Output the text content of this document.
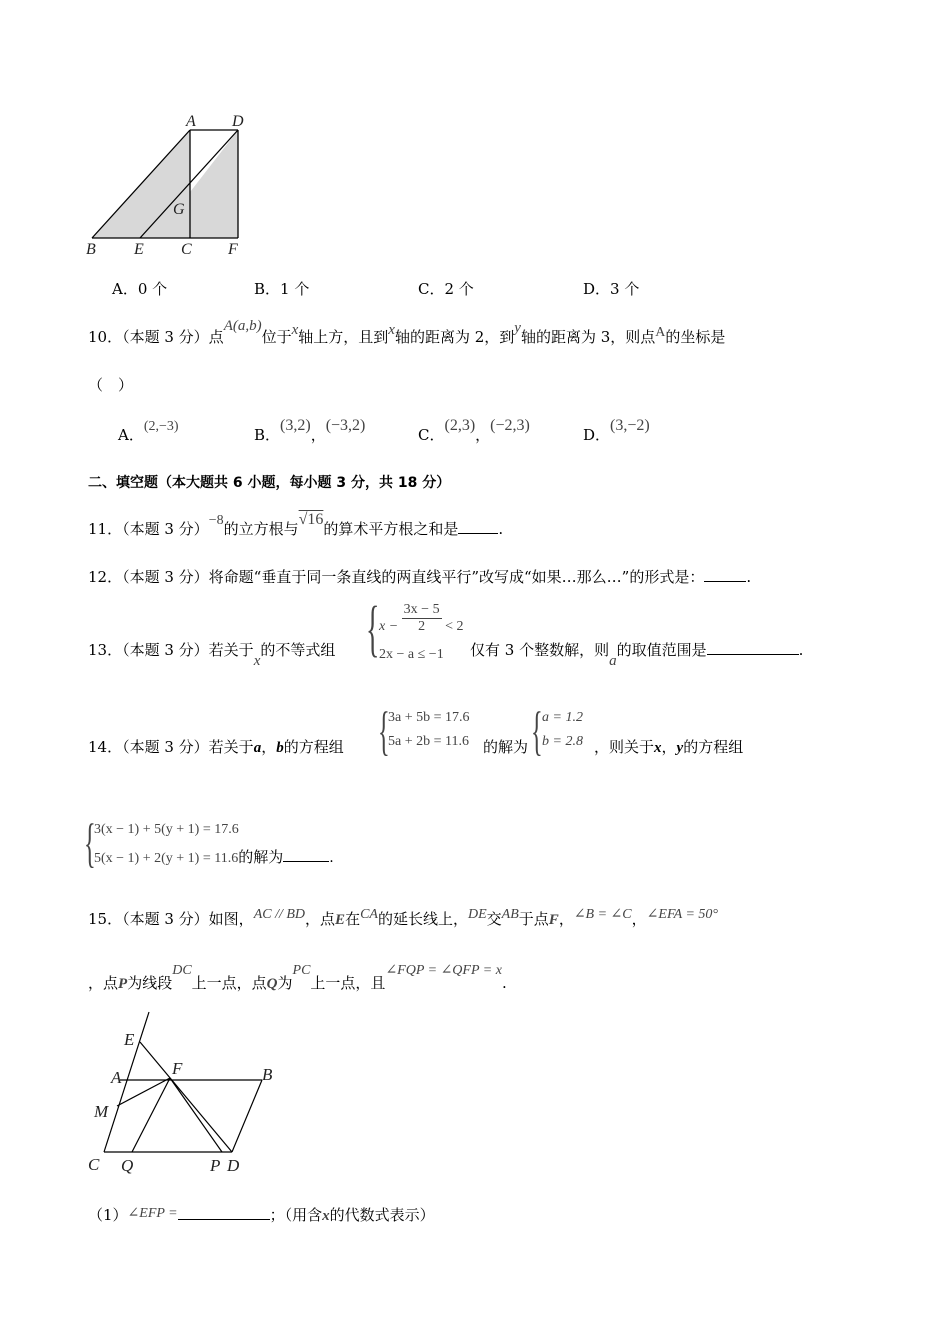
A D
G
B E C F
A．0 个	B．1 个	C．2 个	D．3 个
10．（本题 3 分）点A(a,b)位于x轴上方，且到x轴的距离为 2，到y轴的距离为 3，则点A的坐标是
（　）
A．(2,−3)	B．(3,2)，(−3,2)
C．(2,3)，(−2,3)
D．(3,−2)
二、填空题（本大题共 6 小题，每小题 3 分，共 18 分）
11．（本题 3 分）−8的立方根与√16的算术平方根之和是	.
12．（本题 3 分）将命题“垂直于同一条直线的两直线平行”改写成“如果…那么…”的形式是：	.
13．（本题 3 分）若关于x的不等式组 { $x - \frac{3x - 5}{2} < 2$
2x − a ≤ −1 仅有 3 个整数解，则a的取值范围是	.
14．（本题 3 分）若关于a，b的方程组 {
3a + 5b = 17.6
5a + 2b = 11.6 的解为 { a = 1.2
b = 2.8 ，则关于x，y的方程组
{
3(x − 1) + 5(y + 1) = 17.6
5(x − 1) + 2(y + 1) = 11.6的解为	.
15．（本题 3 分）如图，AC // BD，点E在CA的延长线上，DE交AB于点F，∠B = ∠C，∠EFA = 50°
，点P为线段DC上一点，点Q为PC上一点，且∠FQP = ∠QFP = x.
E
A	F	B
M
C Q	P D
（1）∠EFP =	；（用含x的代数式表示）
